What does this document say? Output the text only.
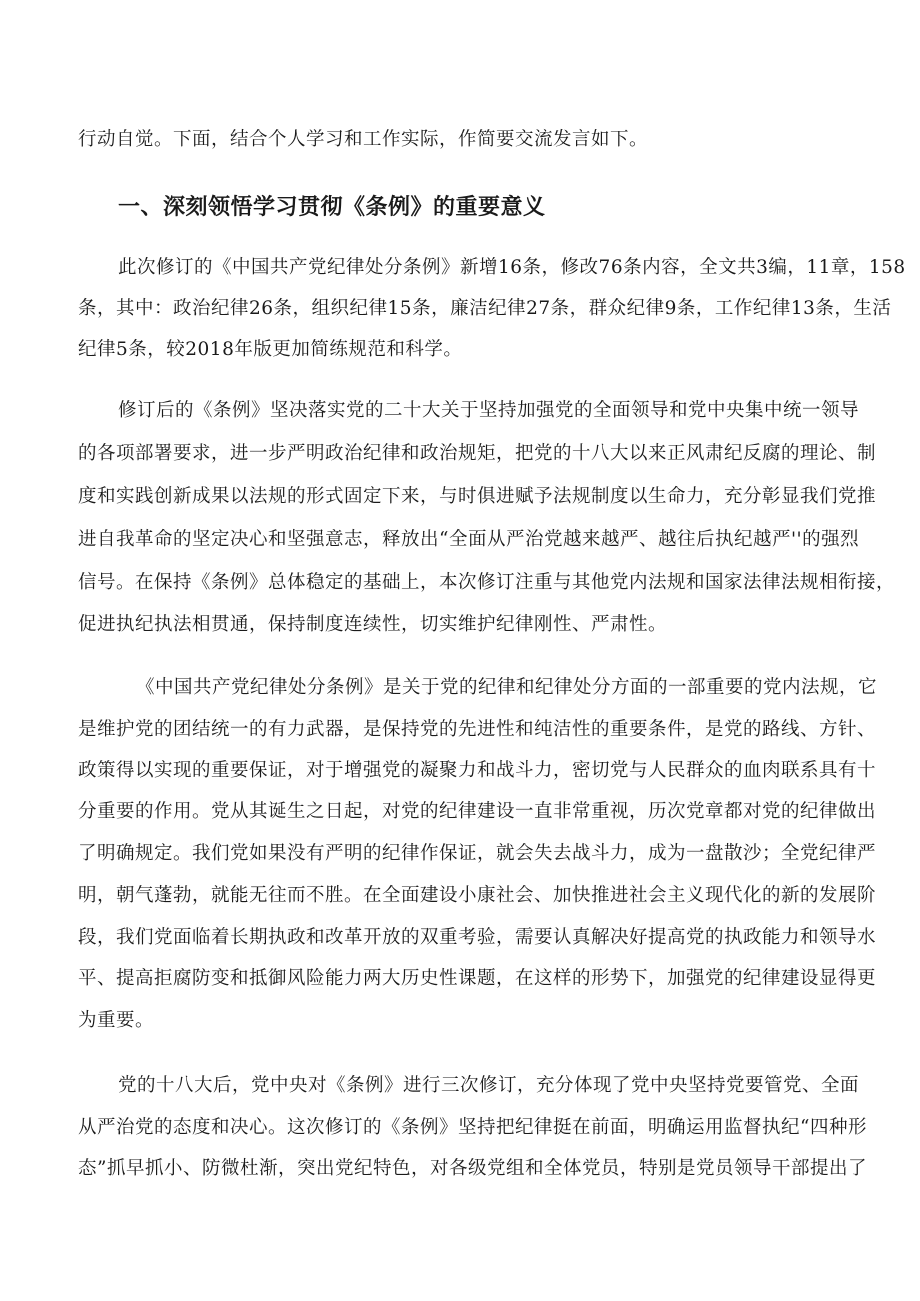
行动自觉。下面，结合个人学习和工作实际，作简要交流发言如下。
一、深刻领悟学习贯彻《条例》的重要意义
此次修订的《中国共产党纪律处分条例》新增16条，修改76条内容，全文共3编，11章，158
条，其中：政治纪律26条，组织纪律15条，廉洁纪律27条，群众纪律9条，工作纪律13条，生活
纪律5条，较2018年版更加简练规范和科学。
修订后的《条例》坚决落实党的二十大关于坚持加强党的全面领导和党中央集中统一领导
的各项部署要求，进一步严明政治纪律和政治规矩，把党的十八大以来正风肃纪反腐的理论、制
度和实践创新成果以法规的形式固定下来，与时俱进赋予法规制度以生命力，充分彰显我们党推
进自我革命的坚定决心和坚强意志，释放出“全面从严治党越来越严、越往后执纪越严''的强烈
信号。在保持《条例》总体稳定的基础上，本次修订注重与其他党内法规和国家法律法规相衔接，
促进执纪执法相贯通，保持制度连续性，切实维护纪律刚性、严肃性。
《中国共产党纪律处分条例》是关于党的纪律和纪律处分方面的一部重要的党内法规，它
是维护党的团结统一的有力武器，是保持党的先进性和纯洁性的重要条件，是党的路线、方针、
政策得以实现的重要保证，对于增强党的凝聚力和战斗力，密切党与人民群众的血肉联系具有十
分重要的作用。党从其诞生之日起，对党的纪律建设一直非常重视，历次党章都对党的纪律做出
了明确规定。我们党如果没有严明的纪律作保证，就会失去战斗力，成为一盘散沙；全党纪律严
明，朝气蓬勃，就能无往而不胜。在全面建设小康社会、加快推进社会主义现代化的新的发展阶
段，我们党面临着长期执政和改革开放的双重考验，需要认真解决好提高党的执政能力和领导水
平、提高拒腐防变和抵御风险能力两大历史性课题，在这样的形势下，加强党的纪律建设显得更
为重要。
党的十八大后，党中央对《条例》进行三次修订，充分体现了党中央坚持党要管党、全面
从严治党的态度和决心。这次修订的《条例》坚持把纪律挺在前面，明确运用监督执纪“四种形
态”抓早抓小、防微杜渐，突出党纪特色，对各级党组和全体党员，特别是党员领导干部提出了
